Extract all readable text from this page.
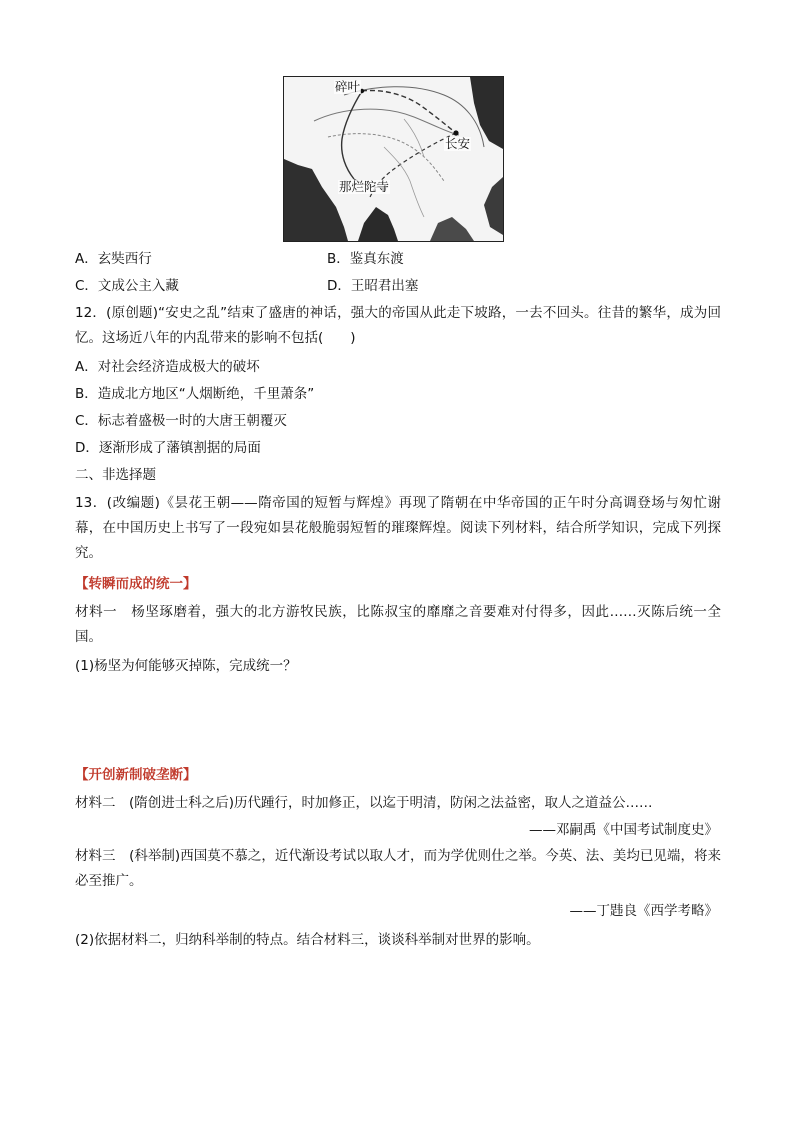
碎叶
长安
那烂陀寺
A．玄奘西行	B．鉴真东渡
C．文成公主入藏	D．王昭君出塞
12．(原创题)“安史之乱”结束了盛唐的神话，强大的帝国从此走下坡路，一去不回头。往昔的繁华，成为回忆。这场近八年的内乱带来的影响不包括(　　)
A．对社会经济造成极大的破坏
B．造成北方地区“人烟断绝，千里萧条”
C．标志着盛极一时的大唐王朝覆灭
D．逐渐形成了藩镇割据的局面
二、非选择题
13．(改编题)《昙花王朝——隋帝国的短暂与辉煌》再现了隋朝在中华帝国的正午时分高调登场与匆忙谢幕，在中国历史上书写了一段宛如昙花般脆弱短暂的璀璨辉煌。阅读下列材料，结合所学知识，完成下列探究。
【转瞬而成的统一】
材料一　杨坚琢磨着，强大的北方游牧民族，比陈叔宝的靡靡之音要难对付得多，因此……灭陈后统一全国。
(1)杨坚为何能够灭掉陈，完成统一？
【开创新制破垄断】
材料二　(隋创进士科之后)历代踵行，时加修正，以迄于明清，防闲之法益密，取人之道益公……
——邓嗣禹《中国考试制度史》
材料三　(科举制)西国莫不慕之，近代渐设考试以取人才，而为学优则仕之举。今英、法、美均已见端，将来必至推广。
——丁韪良《西学考略》
(2)依据材料二，归纳科举制的特点。结合材料三，谈谈科举制对世界的影响。
